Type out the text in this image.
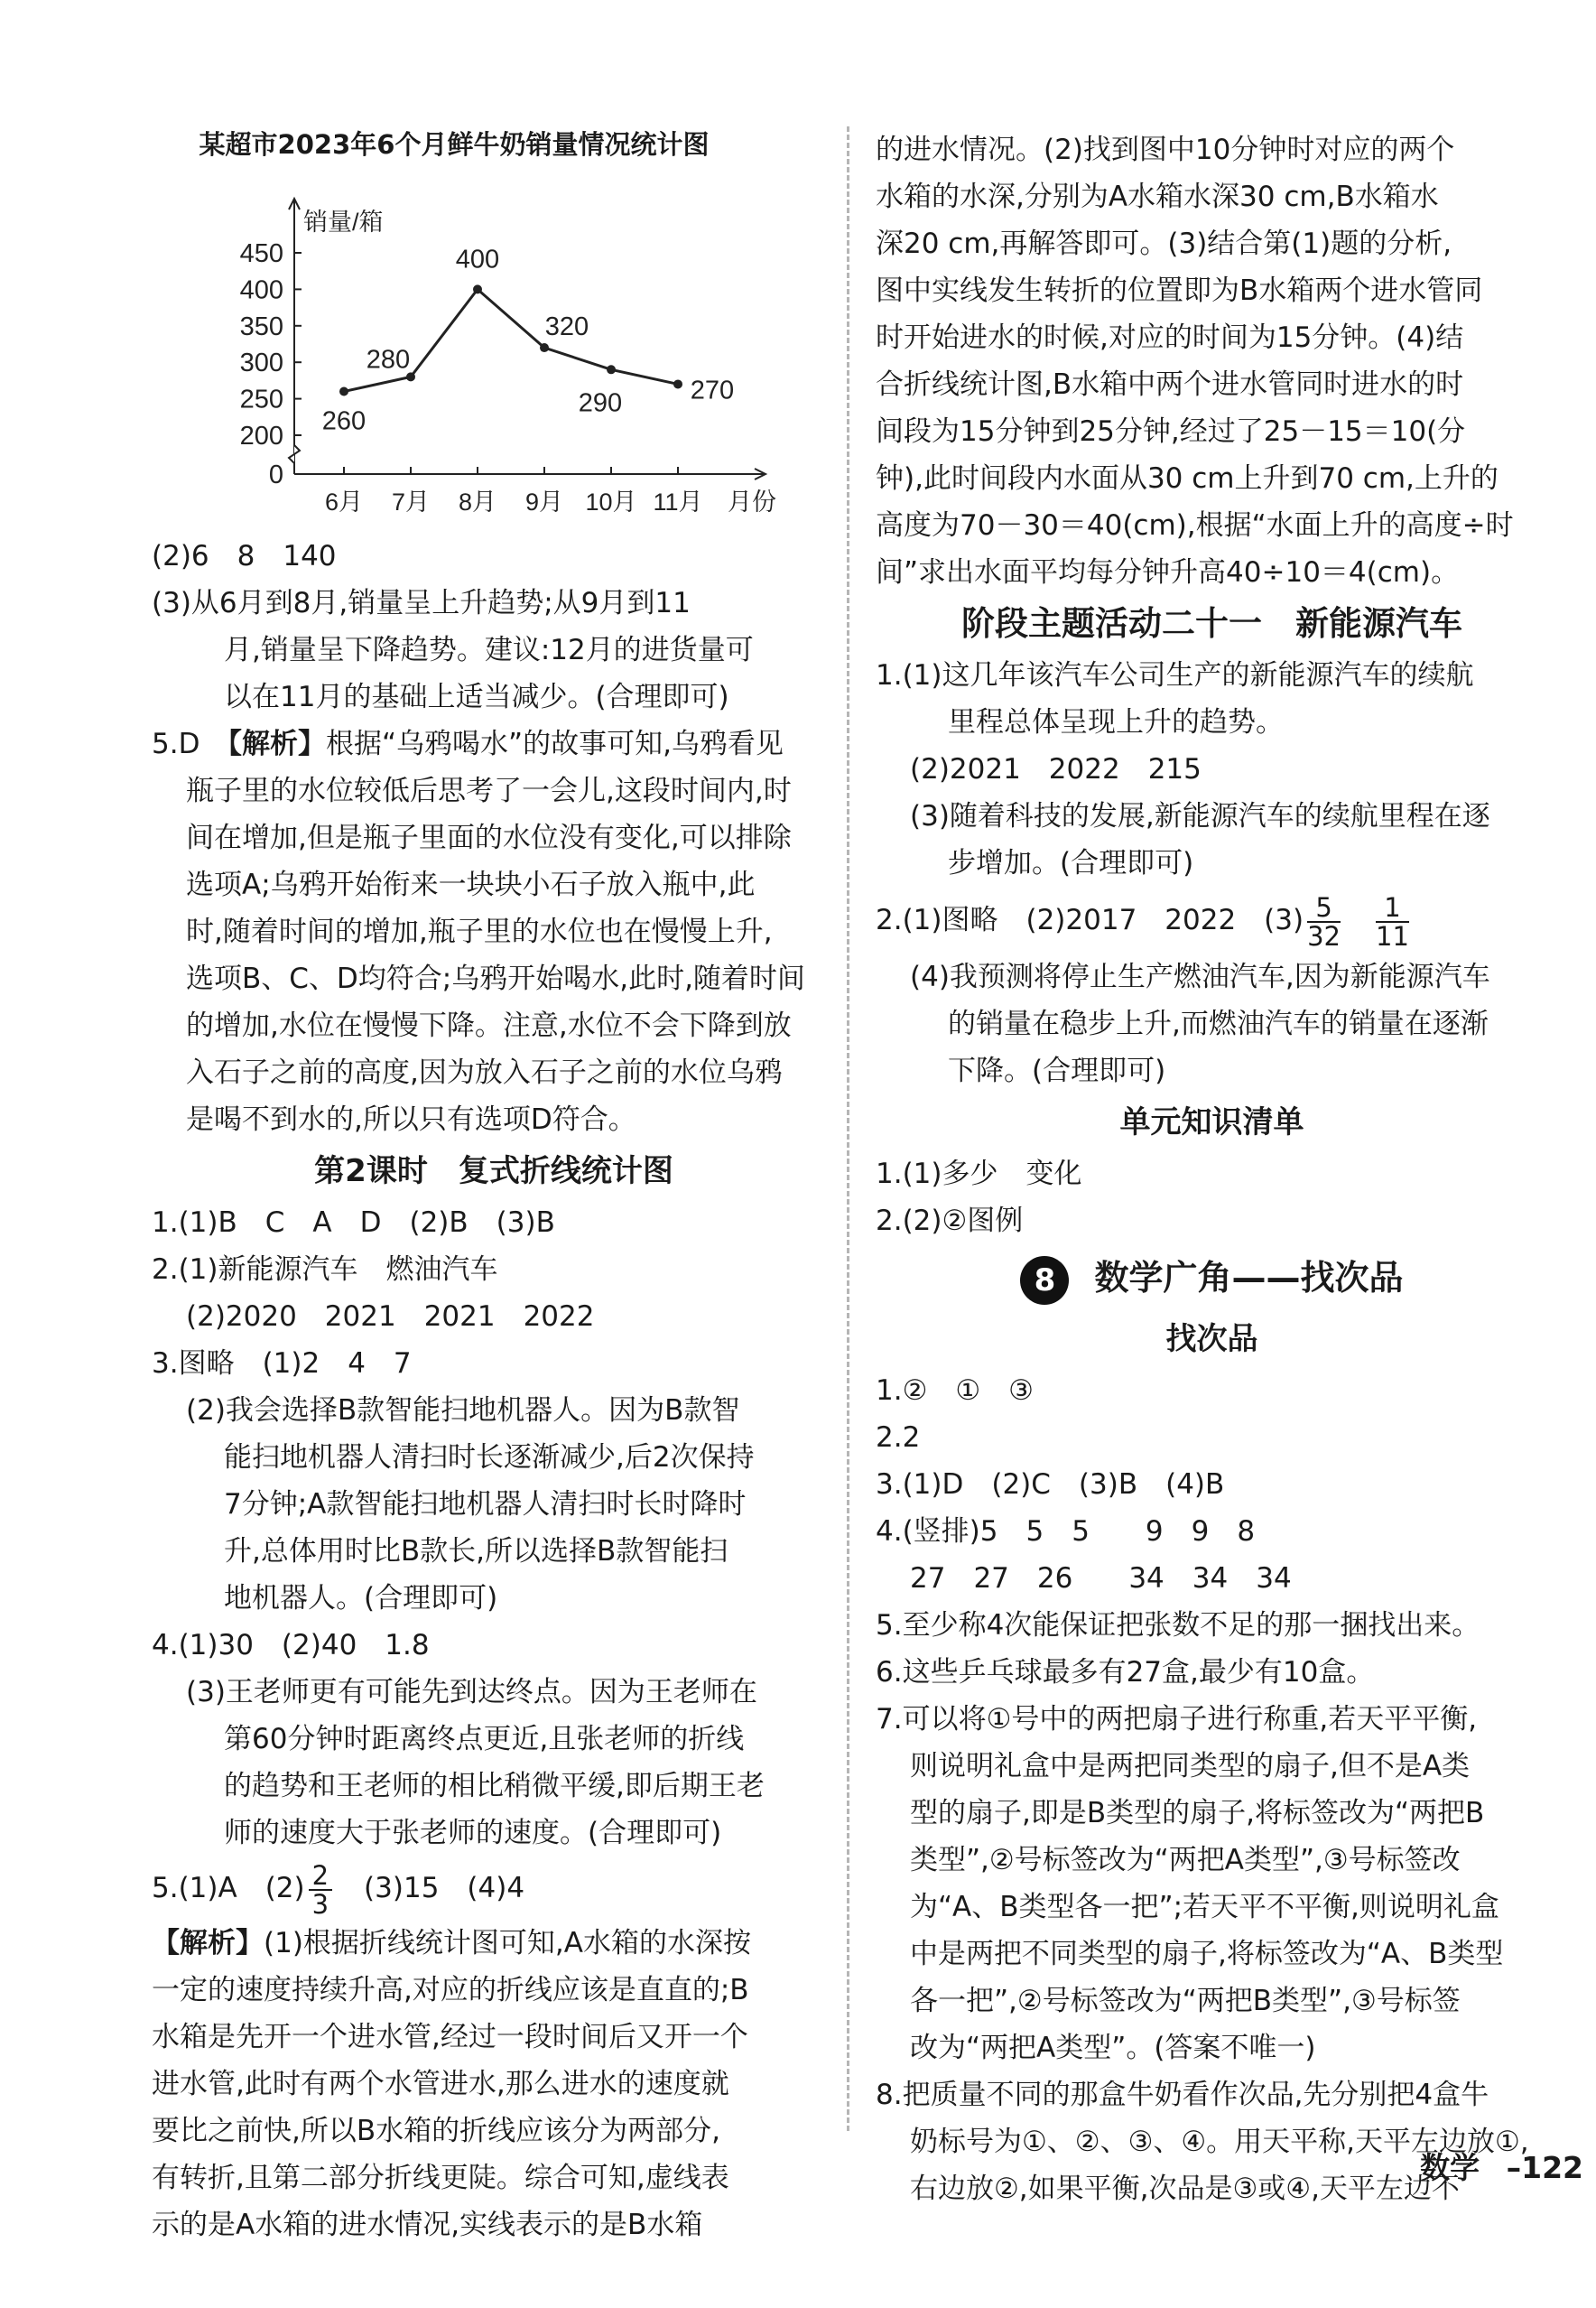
某超市2023年6个月鲜牛奶销量情况统计图
0
200
250
300
350
400
450
销量/箱
6月 7月 8月 9月 10月 11月 月份
260
280
400
320
290	270
(2)6　8　140
(3)从6月到8月,销量呈上升趋势;从9月到11
月,销量呈下降趋势。建议:12月的进货量可
以在11月的基础上适当减少。(合理即可)
5.D　【解析】根据“乌鸦喝水”的故事可知,乌鸦看见
瓶子里的水位较低后思考了一会儿,这段时间内,时
间在增加,但是瓶子里面的水位没有变化,可以排除
选项A;乌鸦开始衔来一块块小石子放入瓶中,此
时,随着时间的增加,瓶子里的水位也在慢慢上升,
选项B、C、D均符合;乌鸦开始喝水,此时,随着时间
的增加,水位在慢慢下降。注意,水位不会下降到放
入石子之前的高度,因为放入石子之前的水位乌鸦
是喝不到水的,所以只有选项D符合。
第2课时　复式折线统计图
1.(1)B　C　A　D　(2)B　(3)B
2.(1)新能源汽车　燃油汽车
(2)2020　2021　2021　2022
3.图略　(1)2　4　7
(2)我会选择B款智能扫地机器人。因为B款智
能扫地机器人清扫时长逐渐减少,后2次保持
7分钟;A款智能扫地机器人清扫时长时降时
升,总体用时比B款长,所以选择B款智能扫
地机器人。(合理即可)
4.(1)30　(2)40　1.8
(3)王老师更有可能先到达终点。因为王老师在
第60分钟时距离终点更近,且张老师的折线
的趋势和王老师的相比稍微平缓,即后期王老
师的速度大于张老师的速度。(合理即可)
5.(1)A　$(2) \frac{2}{3}$ 　(3)15　(4)4
【解析】(1)根据折线统计图可知,A水箱的水深按
一定的速度持续升高,对应的折线应该是直直的;B
水箱是先开一个进水管,经过一段时间后又开一个
进水管,此时有两个水管进水,那么进水的速度就
要比之前快,所以B水箱的折线应该分为两部分,
有转折,且第二部分折线更陡。综合可知,虚线表
示的是A水箱的进水情况,实线表示的是B水箱
的进水情况。(2)找到图中10分钟时对应的两个
水箱的水深,分别为A水箱水深30 cm,B水箱水
深20 cm,再解答即可。(3)结合第(1)题的分析,
图中实线发生转折的位置即为B水箱两个进水管同
时开始进水的时候,对应的时间为15分钟。(4)结
合折线统计图,B水箱中两个进水管同时进水的时
间段为15分钟到25分钟,经过了25－15＝10(分
钟),此时间段内水面从30 cm上升到70 cm,上升的
高度为70－30＝40(cm),根据“水面上升的高度÷时
间”求出水面平均每分钟升高40÷10＝4(cm)。
阶段主题活动二十一　新能源汽车
1.(1)这几年该汽车公司生产的新能源汽车的续航
里程总体呈现上升的趋势。
(2)2021　2022　215
(3)随着科技的发展,新能源汽车的续航里程在逐
步增加。(合理即可)
2.(1)图略　(2)2017　2022　$(3) \frac{5}{32}$
　 $\frac{1}{11}$
(4)我预测将停止生产燃油汽车,因为新能源汽车
的销量在稳步上升,而燃油汽车的销量在逐渐
下降。(合理即可)
单元知识清单
1.(1)多少　变化
2.(2)②图例
8 数学广角——找次品
找次品
1.②　①　③
2.2
3.(1)D　(2)C　(3)B　(4)B
4.(竖排)5　5　5　　9　9　8
27　27　26　　34　34　34
5.至少称4次能保证把张数不足的那一捆找出来。
6.这些乒乓球最多有27盒,最少有10盒。
7.可以将①号中的两把扇子进行称重,若天平平衡,
则说明礼盒中是两把同类型的扇子,但不是A类
型的扇子,即是B类型的扇子,将标签改为“两把B
类型”,②号标签改为“两把A类型”,③号标签改
为“A、B类型各一把”;若天平不平衡,则说明礼盒
中是两把不同类型的扇子,将标签改为“A、B类型
各一把”,②号标签改为“两把B类型”,③号标签
改为“两把A类型”。(答案不唯一)
8.把质量不同的那盒牛奶看作次品,先分别把4盒牛
奶标号为①、②、③、④。用天平称,天平左边放①,
右边放②,如果平衡,次品是③或④,天平左边不
数学 –122
